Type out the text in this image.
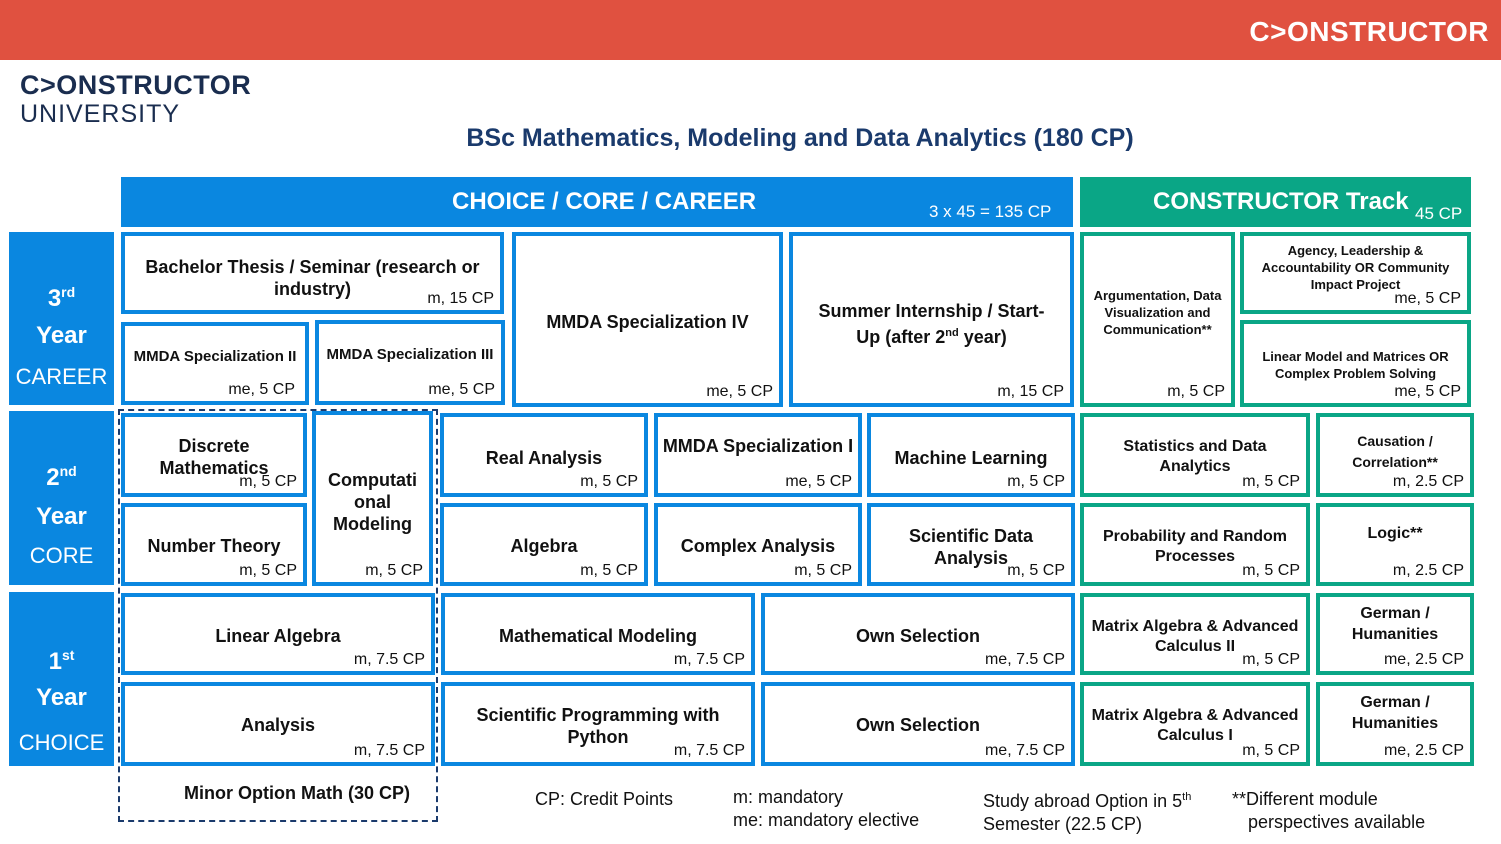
C>ONSTRUCTOR
C>ONSTRUCTOR
UNIVERSITY
BSc Mathematics, Modeling and Data Analytics (180 CP)
CHOICE / CORE / CAREER	3 x 45 = 135 CP	CONSTRUCTOR Track 45 CP
3rd
Year
CAREER
2nd
Year
CORE
1st
Year
CHOICE
Bachelor Thesis / Seminar (research or industry)	m, 15 CP
MMDA Specialization II
me, 5 CP
MMDA Specialization III
me, 5 CP
MMDA Specialization IV
me, 5 CP
Summer Internship / Start-Up (after 2nd year)
m, 15 CP
Argumentation, Data Visualization and Communication**
m, 5 CP
Agency, Leadership & Accountability OR Community Impact Project
me, 5 CP
Linear Model and Matrices OR Complex Problem Solving
me, 5 CP
Discrete Mathematics
m, 5 CP	Computati onal Modeling
m, 5 CP
Real Analysis
m, 5 CP
MMDA Specialization I
me, 5 CP
Machine Learning
m, 5 CP
Statistics and Data Analytics
m, 5 CP
Causation / Correlation**
m, 2.5 CP
Number Theory
m, 5 CP
Algebra
m, 5 CP
Complex Analysis
m, 5 CP
Scientific Data Analysis
m, 5 CP
Probability and Random Processes
m, 5 CP
Logic**
m, 2.5 CP
Linear Algebra
m, 7.5 CP
Mathematical Modeling
m, 7.5 CP
Own Selection
me, 7.5 CP
Matrix Algebra & Advanced Calculus II
m, 5 CP
German / Humanities
me, 2.5 CP
Analysis
m, 7.5 CP
Scientific Programming with Python
m, 7.5 CP
Own Selection
me, 7.5 CP
Matrix Algebra & Advanced Calculus I
m, 5 CP
German / Humanities
me, 2.5 CP
Minor Option Math (30 CP)	CP: Credit Points	m: mandatory
me: mandatory elective
Study abroad Option in 5th
Semester (22.5 CP)
**Different module
perspectives available
